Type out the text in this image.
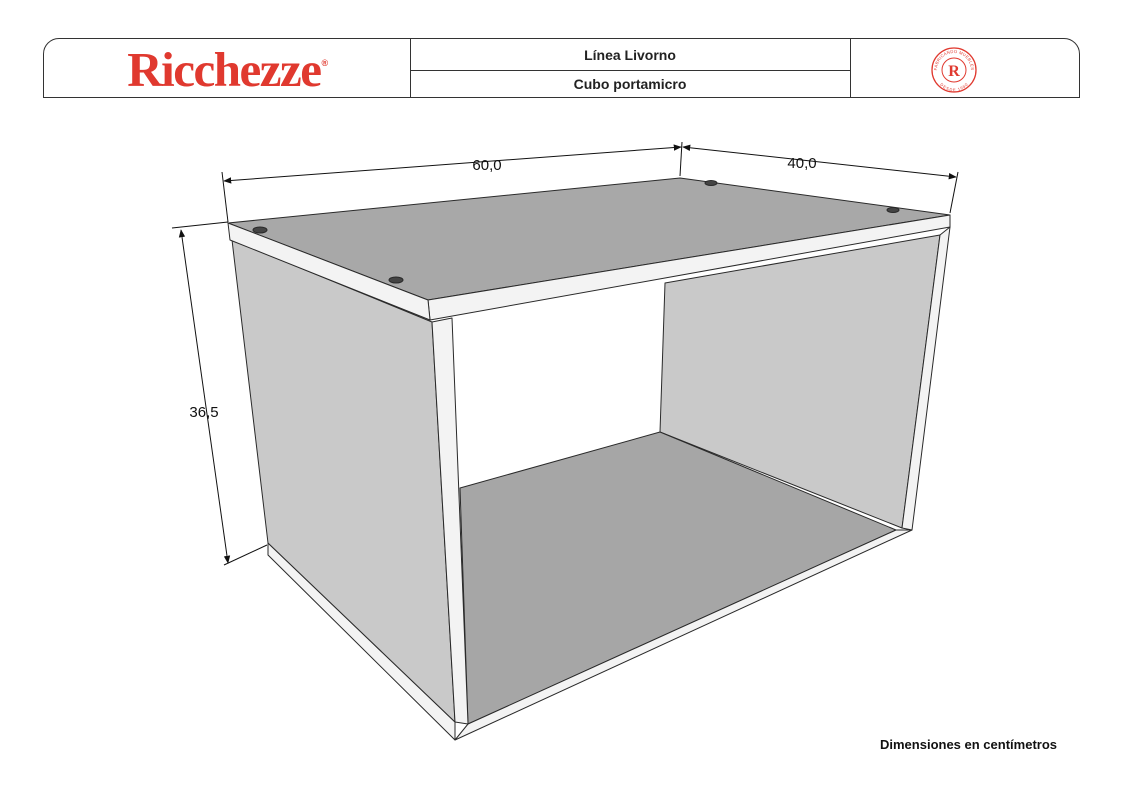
Ricchezze®	Línea Livorno
Cubo portamicro
FABRICANDO MUEBLES
DESDE 1980
R
60,0	40,0
36,5
Dimensiones en centímetros
